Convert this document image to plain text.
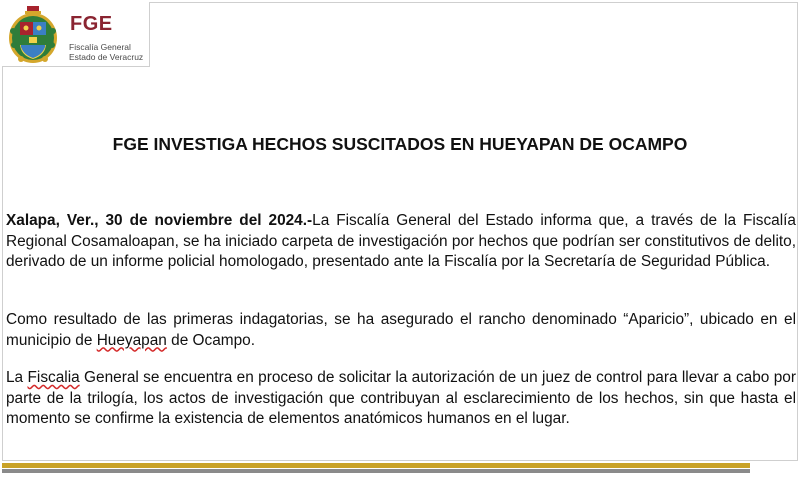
FGE
Fiscalía General
Estado de Veracruz
FGE INVESTIGA HECHOS SUSCITADOS EN HUEYAPAN DE OCAMPO
Xalapa, Ver., 30 de noviembre del 2024.-La Fiscalía General del Estado informa que, a través de la Fiscalía Regional Cosamaloapan, se ha iniciado carpeta de investigación por hechos que podrían ser constitutivos de delito, derivado de un informe policial homologado, presentado ante la Fiscalía por la Secretaría de Seguridad Pública.
Como resultado de las primeras indagatorias, se ha asegurado el rancho denominado “Aparicio”, ubicado en el municipio de Hueyapan de Ocampo.
La Fiscalia General se encuentra en proceso de solicitar la autorización de un juez de control para llevar a cabo por parte de la trilogía, los actos de investigación que contribuyan al esclarecimiento de los hechos, sin que hasta el momento se confirme la existencia de elementos anatómicos humanos en el lugar.
